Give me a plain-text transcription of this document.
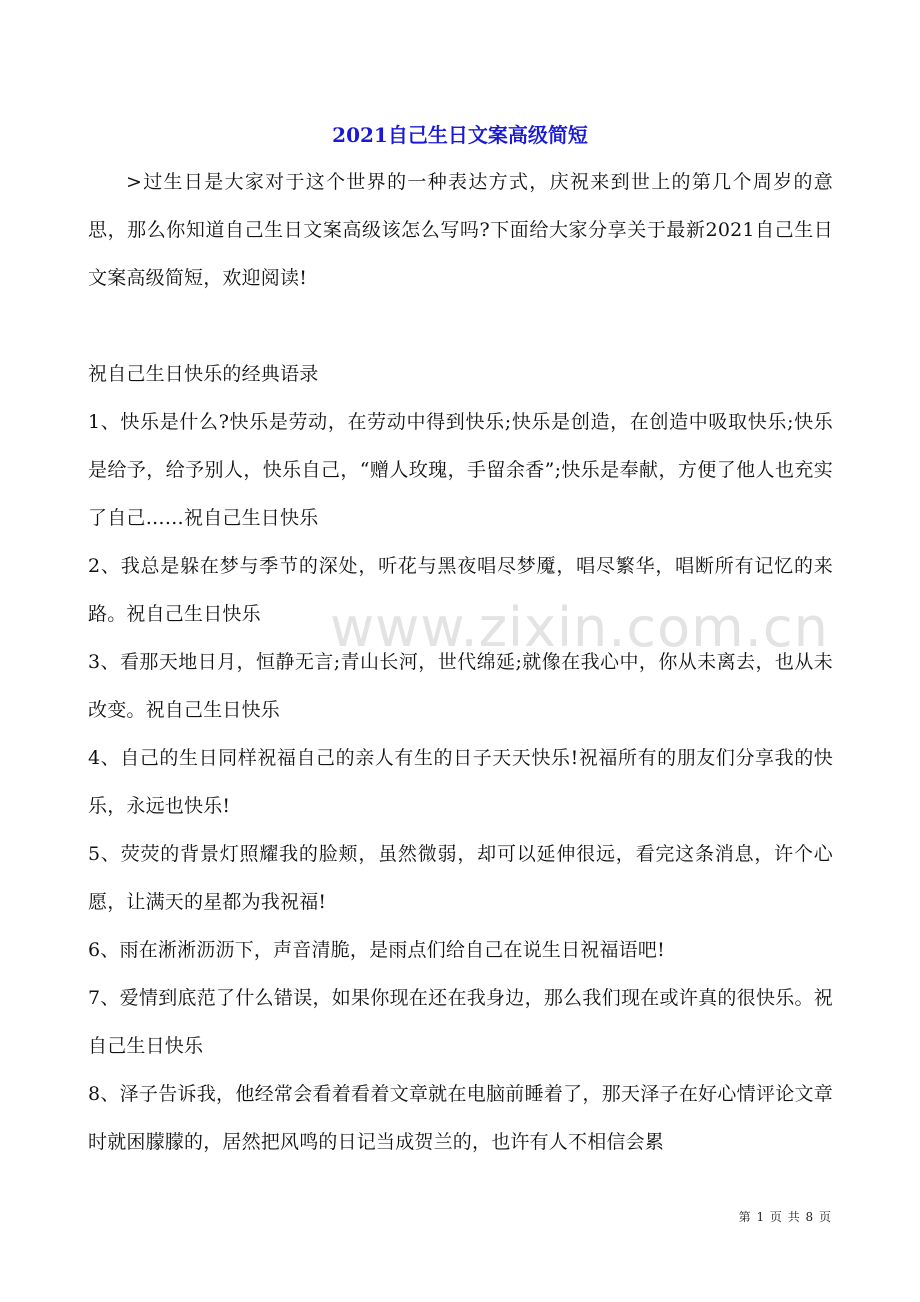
2021自己生日文案高级简短

>过生日是大家对于这个世界的一种表达方式，庆祝来到世上的第几个周岁的意思，那么你知道自己生日文案高级该怎么写吗?下面给大家分享关于最新2021自己生日文案高级简短，欢迎阅读!

祝自己生日快乐的经典语录

1、快乐是什么?快乐是劳动，在劳动中得到快乐;快乐是创造，在创造中吸取快乐;快乐是给予，给予别人，快乐自己，“赠人玫瑰，手留余香”;快乐是奉献，方便了他人也充实了自己……祝自己生日快乐

2、我总是躲在梦与季节的深处，听花与黑夜唱尽梦魇，唱尽繁华，唱断所有记忆的来路。祝自己生日快乐

3、看那天地日月，恒静无言;青山长河，世代绵延;就像在我心中，你从未离去，也从未改变。祝自己生日快乐

4、自己的生日同样祝福自己的亲人有生的日子天天快乐!祝福所有的朋友们分享我的快乐，永远也快乐!

5、荧荧的背景灯照耀我的脸颊，虽然微弱，却可以延伸很远，看完这条消息，许个心愿，让满天的星都为我祝福!

6、雨在淅淅沥沥下，声音清脆，是雨点们给自己在说生日祝福语吧!

7、爱情到底范了什么错误，如果你现在还在我身边，那么我们现在或许真的很快乐。祝自己生日快乐

8、泽子告诉我，他经常会看着看着文章就在电脑前睡着了，那天泽子在好心情评论文章时就困朦朦的，居然把风鸣的日记当成贺兰的，也许有人不相信会累

www.zixin.com.cn
第 1 页 共 8 页
